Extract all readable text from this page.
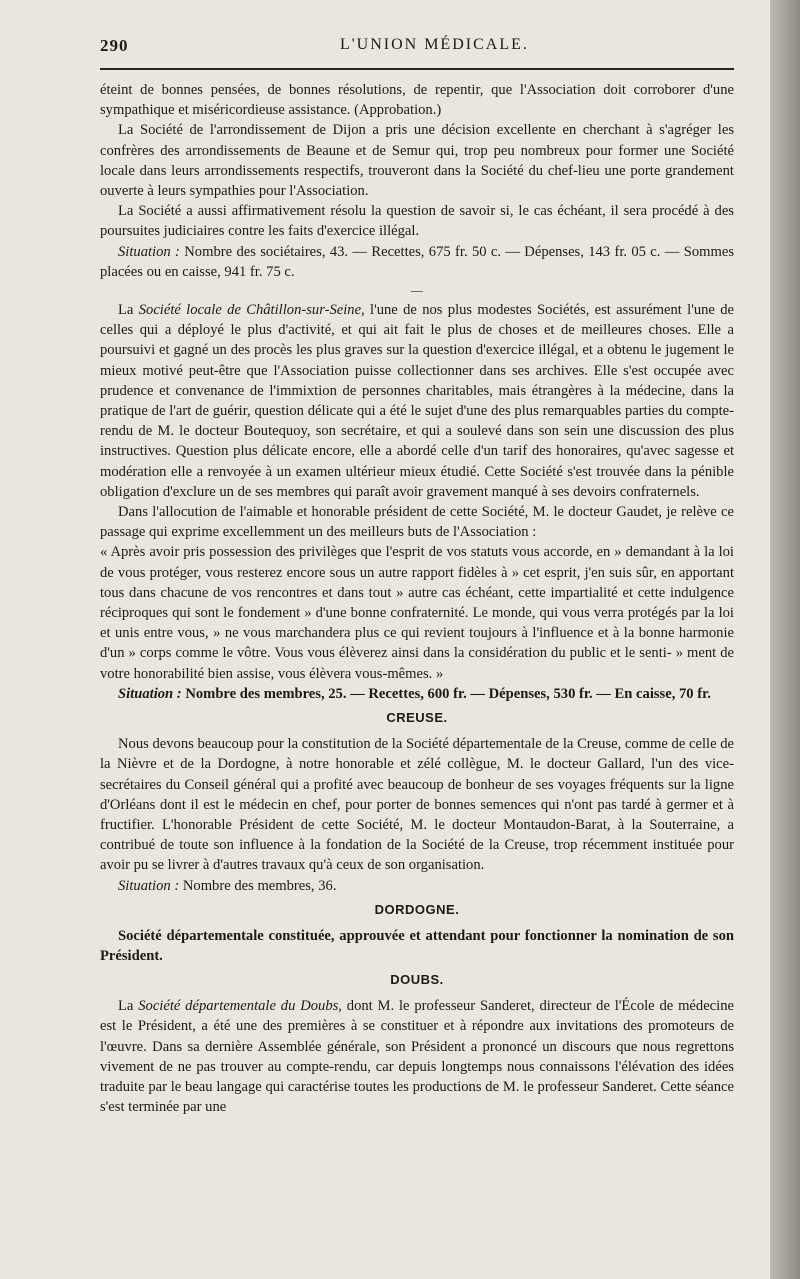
290	L'UNION MÉDICALE.

éteint de bonnes pensées, de bonnes résolutions, de repentir, que l'Association doit corroborer d'une sympathique et miséricordieuse assistance. (Approbation.)

La Société de l'arrondissement de Dijon a pris une décision excellente en cherchant à s'agréger les confrères des arrondissements de Beaune et de Semur qui, trop peu nombreux pour former une Société locale dans leurs arrondissements respectifs, trouveront dans la Société du chef-lieu une porte grandement ouverte à leurs sympathies pour l'Association.

La Société a aussi affirmativement résolu la question de savoir si, le cas échéant, il sera procédé à des poursuites judiciaires contre les faits d'exercice illégal.

Situation : Nombre des sociétaires, 43. — Recettes, 675 fr. 50 c. — Dépenses, 143 fr. 05 c. — Sommes placées ou en caisse, 941 fr. 75 c.

—

La Société locale de Châtillon-sur-Seine, l'une de nos plus modestes Sociétés, est assurément l'une de celles qui a déployé le plus d'activité, et qui ait fait le plus de choses et de meilleures choses. Elle a poursuivi et gagné un des procès les plus graves sur la question d'exercice illégal, et a obtenu le jugement le mieux motivé peut-être que l'Association puisse collectionner dans ses archives. Elle s'est occupée avec prudence et convenance de l'immixtion de personnes charitables, mais étrangères à la médecine, dans la pratique de l'art de guérir, question délicate qui a été le sujet d'une des plus remarquables parties du compte-rendu de M. le docteur Boutequoy, son secrétaire, et qui a soulevé dans son sein une discussion des plus instructives. Question plus délicate encore, elle a abordé celle d'un tarif des honoraires, qu'avec sagesse et modération elle a renvoyée à un examen ultérieur mieux étudié. Cette Société s'est trouvée dans la pénible obligation d'exclure un de ses membres qui paraît avoir gravement manqué à ses devoirs confraternels.

Dans l'allocution de l'aimable et honorable président de cette Société, M. le docteur Gaudet, je relève ce passage qui exprime excellemment un des meilleurs buts de l'Association :

« Après avoir pris possession des privilèges que l'esprit de vos statuts vous accorde, en » demandant à la loi de vous protéger, vous resterez encore sous un autre rapport fidèles à » cet esprit, j'en suis sûr, en apportant tous dans chacune de vos rencontres et dans tout » autre cas échéant, cette impartialité et cette indulgence réciproques qui sont le fondement » d'une bonne confraternité. Le monde, qui vous verra protégés par la loi et unis entre vous, » ne vous marchandera plus ce qui revient toujours à l'influence et à la bonne harmonie d'un » corps comme le vôtre. Vous vous élèverez ainsi dans la considération du public et le senti- » ment de votre honorabilité bien assise, vous élèvera vous-mêmes. »

Situation : Nombre des membres, 25. — Recettes, 600 fr. — Dépenses, 530 fr. — En caisse, 70 fr.

CREUSE.

Nous devons beaucoup pour la constitution de la Société départementale de la Creuse, comme de celle de la Nièvre et de la Dordogne, à notre honorable et zélé collègue, M. le docteur Gallard, l'un des vice-secrétaires du Conseil général qui a profité avec beaucoup de bonheur de ses voyages fréquents sur la ligne d'Orléans dont il est le médecin en chef, pour porter de bonnes semences qui n'ont pas tardé à germer et à fructifier. L'honorable Président de cette Société, M. le docteur Montaudon-Barat, à la Souterraine, a contribué de toute son influence à la fondation de la Société de la Creuse, trop récemment instituée pour avoir pu se livrer à d'autres travaux qu'à ceux de son organisation.

Situation : Nombre des membres, 36.

DORDOGNE.

Société départementale constituée, approuvée et attendant pour fonctionner la nomination de son Président.

DOUBS.

La Société départementale du Doubs, dont M. le professeur Sanderet, directeur de l'École de médecine est le Président, a été une des premières à se constituer et à répondre aux invitations des promoteurs de l'œuvre. Dans sa dernière Assemblée générale, son Président a prononcé un discours que nous regrettons vivement de ne pas trouver au compte-rendu, car depuis longtemps nous connaissons l'élévation des idées traduite par le beau langage qui caractérise toutes les productions de M. le professeur Sanderet. Cette séance s'est terminée par une
